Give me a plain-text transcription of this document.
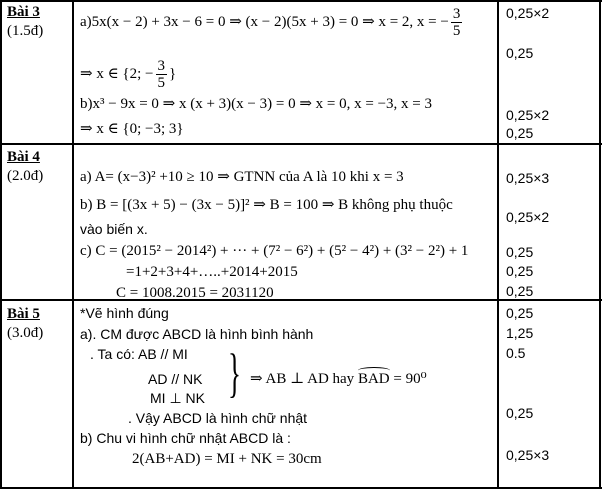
Bài 3
(1.5đ)
a)5x(x − 2) + 3x − 6 = 0 ⇒ (x − 2)(5x + 3) = 0 ⇒ x = 2, x = − $\frac{3}{5}$
⇒ x ∈ {2; − $\frac{3}{5}$ }
b)x³ − 9x = 0 ⇒ x (x + 3)(x − 3) = 0 ⇒ x = 0, x = −3, x = 3
⇒ x ∈ {0; −3; 3}
0,25×2
0,25
0,25×2
0,25
Bài 4
(2.0đ) a) A= (x−3)² +10 ≥ 10 ⇒ GTNN của A là 10 khi x = 3
b) B = [(3x + 5) − (3x − 5)]² ⇒ B = 100 ⇒ B không phụ thuộc
vào biến x.
c) C = (2015² − 2014²) + ··· + (7² − 6²) + (5² − 4²) + (3² − 2²) + 1
=1+2+3+4+…..+2014+2015
C = 1008.2015 = 2031120
0,25×3
0,25×2
0,25
0,25
0,25
Bài 5
(3.0đ)
*Vẽ hình đúng
a). CM được ABCD là hình bình hành
. Ta có: AB // MI
AD // NK
MI ⊥ NK } ⇒ AB ⊥ AD hay BAD = 90⁰
. Vậy ABCD là hình chữ nhật
b) Chu vi hình chữ nhật ABCD là :
2(AB+AD) = MI + NK = 30cm
0,25
1,25
0.5
0,25
0,25×3
